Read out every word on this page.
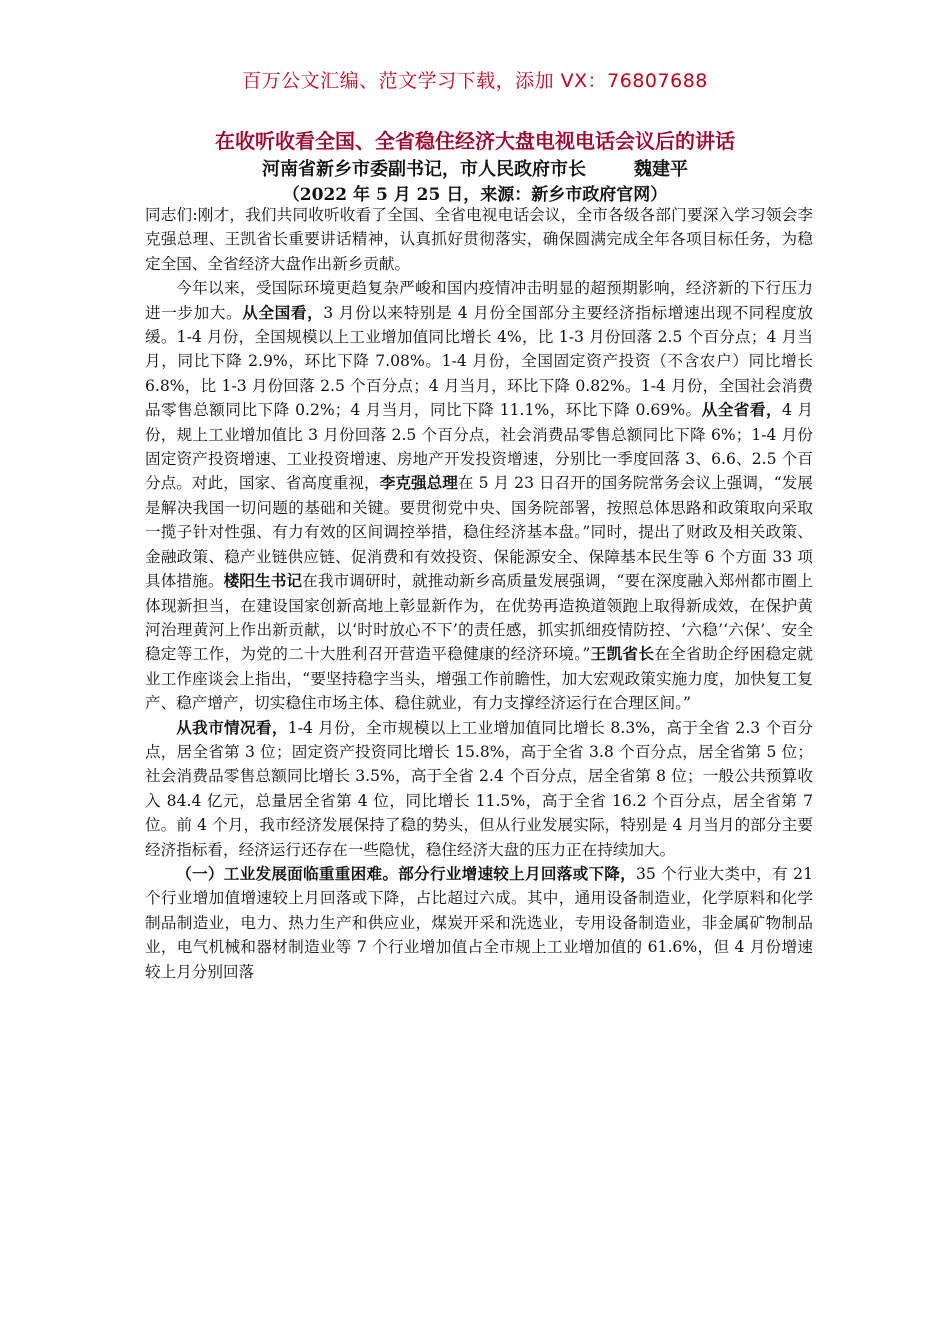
百万公文汇编、范文学习下载，添加 VX：76807688
在收听收看全国、全省稳住经济大盘电视电话会议后的讲话
河南省新乡市委副书记，市人民政府市长	魏建平
（2022 年 5 月 25 日，来源：新乡市政府官网）

同志们:刚才，我们共同收听收看了全国、全省电视电话会议，全市各级各部门要深入学习领会李克强总理、王凯省长重要讲话精神，认真抓好贯彻落实，确保圆满完成全年各项目标任务，为稳定全国、全省经济大盘作出新乡贡献。

今年以来，受国际环境更趋复杂严峻和国内疫情冲击明显的超预期影响，经济新的下行压力进一步加大。从全国看，3 月份以来特别是 4 月份全国部分主要经济指标增速出现不同程度放缓。1-4 月份，全国规模以上工业增加值同比增长 4%，比 1-3 月份回落 2.5 个百分点；4 月当月，同比下降 2.9%，环比下降 7.08%。1-4 月份，全国固定资产投资（不含农户）同比增长 6.8%，比 1-3 月份回落 2.5 个百分点；4 月当月，环比下降 0.82%。1-4 月份，全国社会消费品零售总额同比下降 0.2%；4 月当月，同比下降 11.1%，环比下降 0.69%。从全省看，4 月份，规上工业增加值比 3 月份回落 2.5 个百分点，社会消费品零售总额同比下降 6%；1-4 月份固定资产投资增速、工业投资增速、房地产开发投资增速，分别比一季度回落 3、6.6、2.5 个百分点。对此，国家、省高度重视，李克强总理在 5 月 23 日召开的国务院常务会议上强调，“发展是解决我国一切问题的基础和关键。要贯彻党中央、国务院部署，按照总体思路和政策取向采取一揽子针对性强、有力有效的区间调控举措，稳住经济基本盘。”同时，提出了财政及相关政策、金融政策、稳产业链供应链、促消费和有效投资、保能源安全、保障基本民生等 6 个方面 33 项具体措施。楼阳生书记在我市调研时，就推动新乡高质量发展强调，“要在深度融入郑州都市圈上体现新担当，在建设国家创新高地上彰显新作为，在优势再造换道领跑上取得新成效，在保护黄河治理黄河上作出新贡献，以‘时时放心不下’的责任感，抓实抓细疫情防控、‘六稳’‘六保’、安全稳定等工作，为党的二十大胜利召开营造平稳健康的经济环境。”王凯省长在全省助企纾困稳定就业工作座谈会上指出，“要坚持稳字当头，增强工作前瞻性，加大宏观政策实施力度，加快复工复产、稳产增产，切实稳住市场主体、稳住就业，有力支撑经济运行在合理区间。”

从我市情况看，1-4 月份，全市规模以上工业增加值同比增长 8.3%，高于全省 2.3 个百分点，居全省第 3 位；固定资产投资同比增长 15.8%，高于全省 3.8 个百分点，居全省第 5 位；社会消费品零售总额同比增长 3.5%，高于全省 2.4 个百分点，居全省第 8 位；一般公共预算收入 84.4 亿元，总量居全省第 4 位，同比增长 11.5%，高于全省 16.2 个百分点，居全省第 7 位。前 4 个月，我市经济发展保持了稳的势头，但从行业发展实际，特别是 4 月当月的部分主要经济指标看，经济运行还存在一些隐忧，稳住经济大盘的压力正在持续加大。

（一）工业发展面临重重困难。部分行业增速较上月回落或下降，35 个行业大类中，有 21 个行业增加值增速较上月回落或下降，占比超过六成。其中，通用设备制造业，化学原料和化学制品制造业，电力、热力生产和供应业，煤炭开采和洗选业，专用设备制造业，非金属矿物制品业，电气机械和器材制造业等 7 个行业增加值占全市规上工业增加值的 61.6%，但 4 月份增速较上月分别回落
